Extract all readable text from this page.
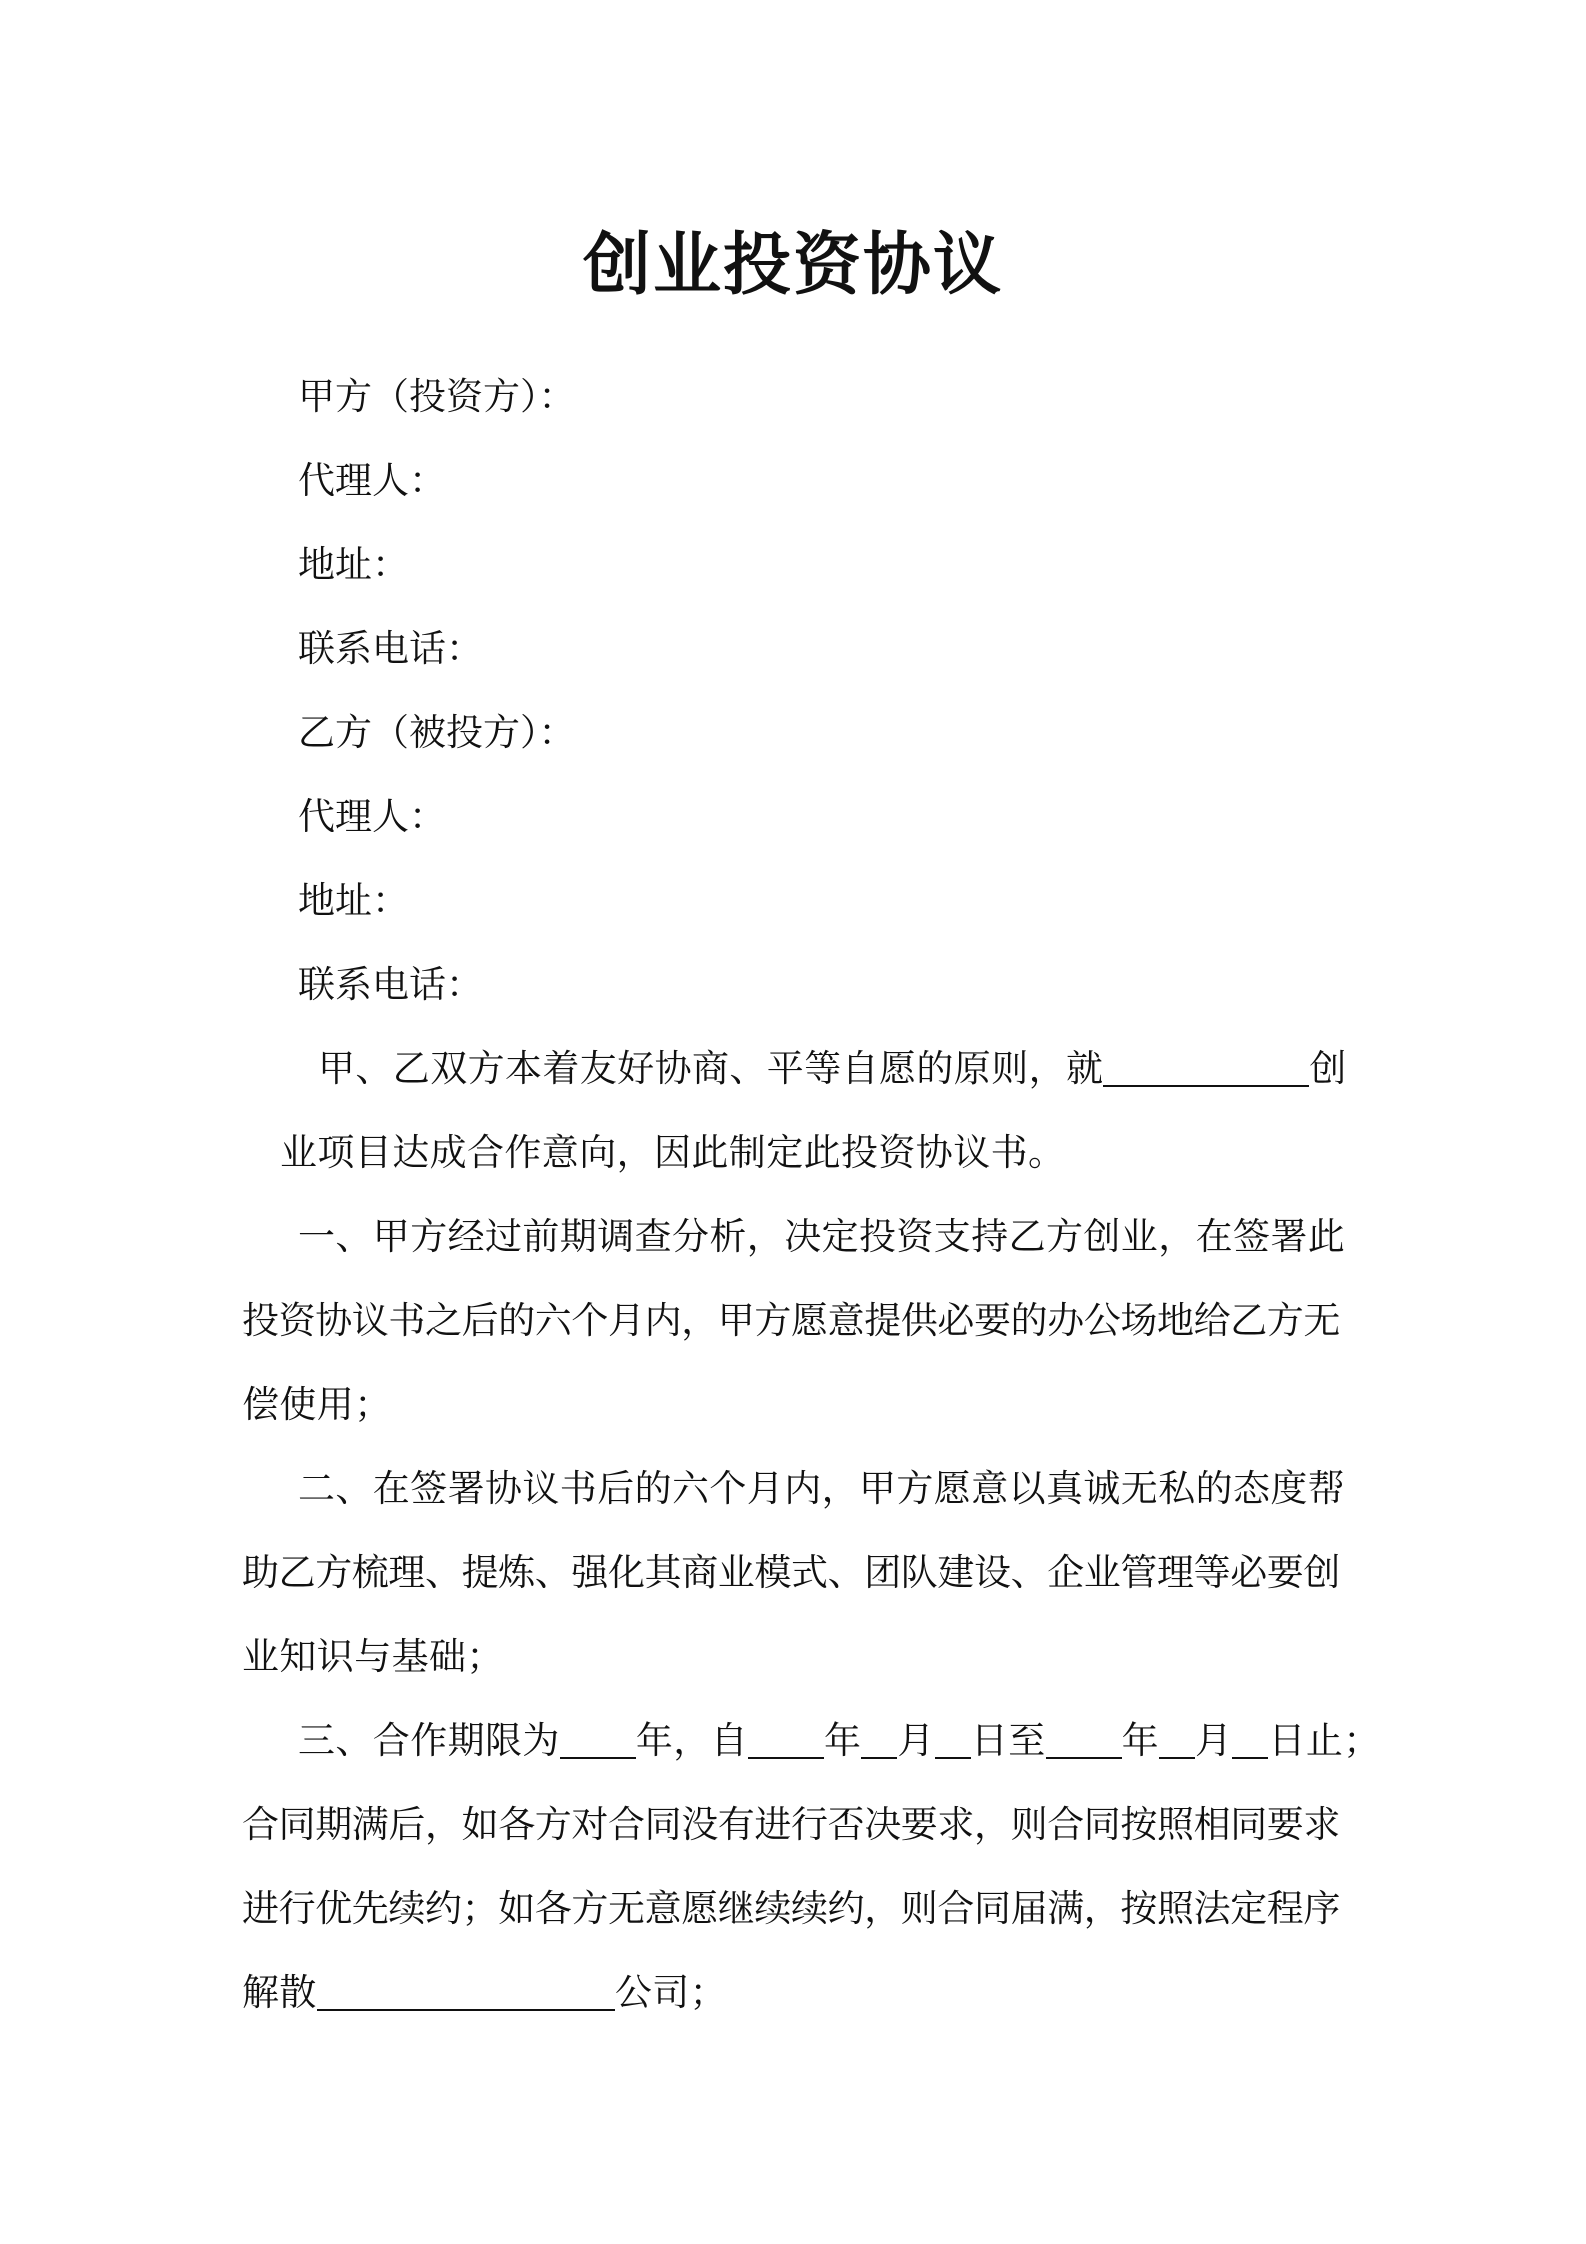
创业投资协议
甲方（投资方）：
代理人：
地址：
联系电话：
乙方（被投方）：
代理人：
地址：
联系电话：
甲、乙双方本着友好协商、平等自愿的原则，就	创
业项目达成合作意向，因此制定此投资协议书。
一、甲方经过前期调查分析，决定投资支持乙方创业，在签署此
投资协议书之后的六个月内，甲方愿意提供必要的办公场地给乙方无
偿使用；
二、在签署协议书后的六个月内，甲方愿意以真诚无私的态度帮
助乙方梳理、提炼、强化其商业模式、团队建设、企业管理等必要创
业知识与基础；
三、合作期限为 年，自 年 月 日至 年 月 日止；
合同期满后，如各方对合同没有进行否决要求，则合同按照相同要求
进行优先续约；如各方无意愿继续续约，则合同届满，按照法定程序
解散	公司；
